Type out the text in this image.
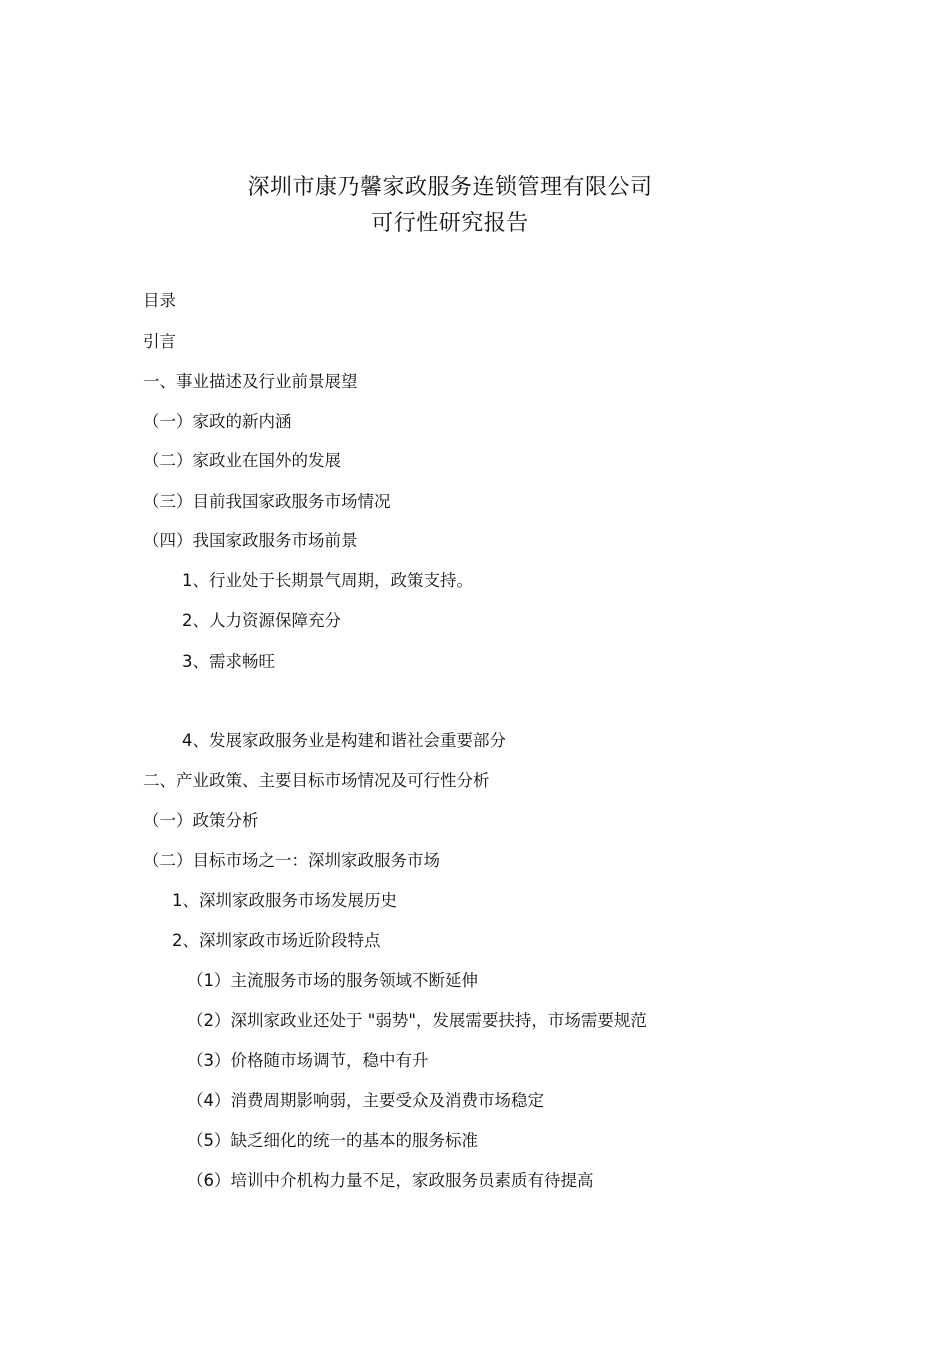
深圳市康乃馨家政服务连锁管理有限公司
可行性研究报告
目录
引言
一、事业描述及行业前景展望
（一）家政的新内涵
（二）家政业在国外的发展
（三）目前我国家政服务市场情况
（四）我国家政服务市场前景
1、行业处于长期景气周期，政策支持。
2、人力资源保障充分
3、需求畅旺
4、发展家政服务业是构建和谐社会重要部分
二、产业政策、主要目标市场情况及可行性分析
（一）政策分析
（二）目标市场之一：深圳家政服务市场
1、深圳家政服务市场发展历史
2、深圳家政市场近阶段特点
（1）主流服务市场的服务领域不断延伸
（2）深圳家政业还处于 "弱势"，发展需要扶持，市场需要规范
（3）价格随市场调节，稳中有升
（4）消费周期影响弱，主要受众及消费市场稳定
（5）缺乏细化的统一的基本的服务标准
（6）培训中介机构力量不足，家政服务员素质有待提高
